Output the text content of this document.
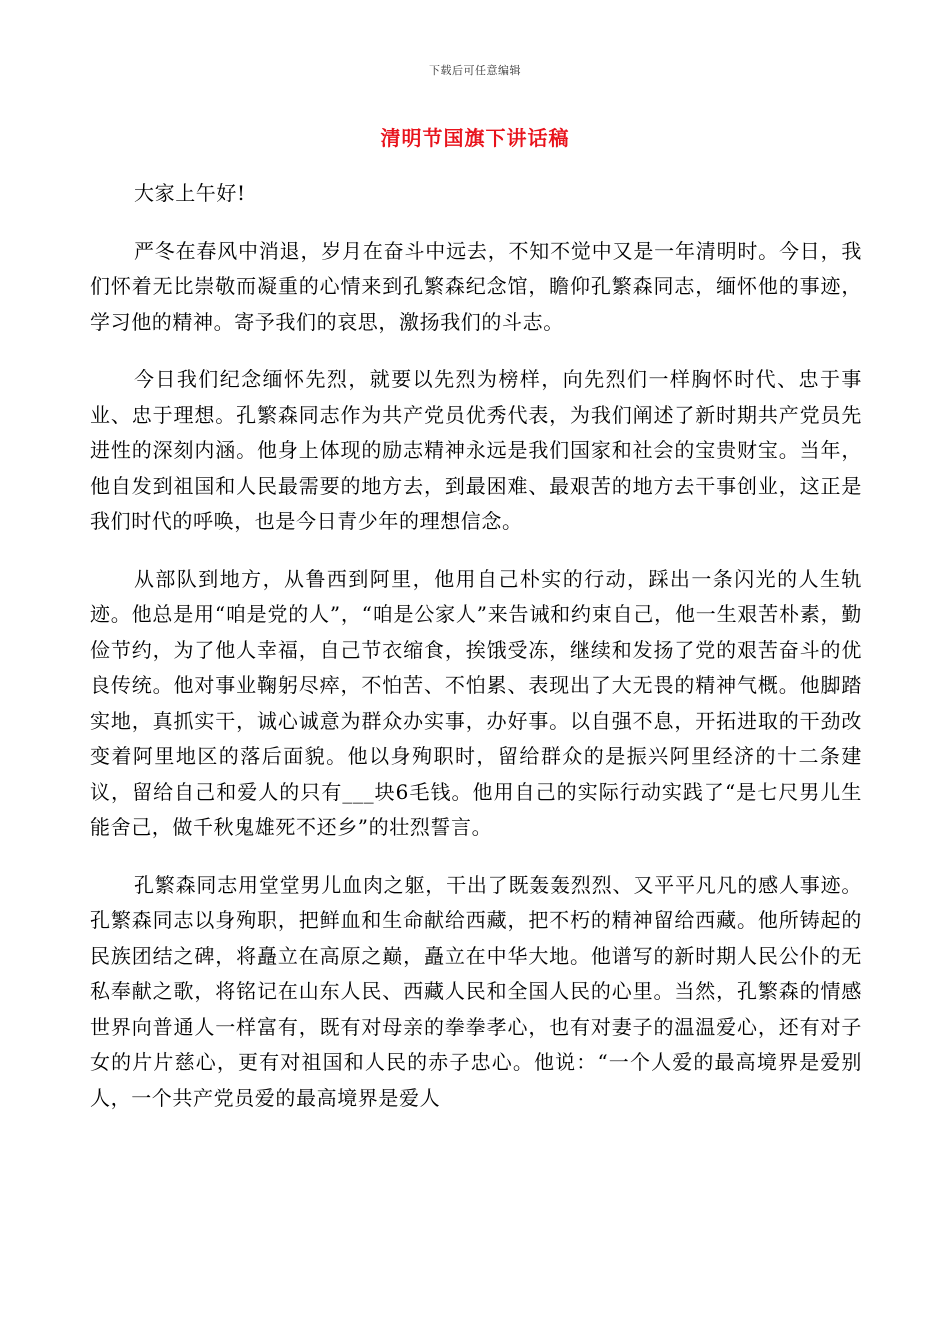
下载后可任意编辑
清明节国旗下讲话稿

大家上午好!

严冬在春风中消退，岁月在奋斗中远去，不知不觉中又是一年清明时。今日，我们怀着无比崇敬而凝重的心情来到孔繁森纪念馆，瞻仰孔繁森同志，缅怀他的事迹，学习他的精神。寄予我们的哀思，激扬我们的斗志。

今日我们纪念缅怀先烈，就要以先烈为榜样，向先烈们一样胸怀时代、忠于事业、忠于理想。孔繁森同志作为共产党员优秀代表，为我们阐述了新时期共产党员先进性的深刻内涵。他身上体现的励志精神永远是我们国家和社会的宝贵财宝。当年，他自发到祖国和人民最需要的地方去，到最困难、最艰苦的地方去干事创业，这正是我们时代的呼唤，也是今日青少年的理想信念。

从部队到地方，从鲁西到阿里，他用自己朴实的行动，踩出一条闪光的人生轨迹。他总是用“咱是党的人”，“咱是公家人”来告诫和约束自己，他一生艰苦朴素，勤俭节约，为了他人幸福，自己节衣缩食，挨饿受冻，继续和发扬了党的艰苦奋斗的优良传统。他对事业鞠躬尽瘁，不怕苦、不怕累、表现出了大无畏的精神气概。他脚踏实地，真抓实干，诚心诚意为群众办实事，办好事。以自强不息，开拓进取的干劲改变着阿里地区的落后面貌。他以身殉职时，留给群众的是振兴阿里经济的十二条建议，留给自己和爱人的只有___块6毛钱。他用自己的实际行动实践了“是七尺男儿生能舍己，做千秋鬼雄死不还乡”的壮烈誓言。

孔繁森同志用堂堂男儿血肉之躯，干出了既轰轰烈烈、又平平凡凡的感人事迹。孔繁森同志以身殉职，把鲜血和生命献给西藏，把不朽的精神留给西藏。他所铸起的民族团结之碑，将矗立在高原之巅，矗立在中华大地。他谱写的新时期人民公仆的无私奉献之歌，将铭记在山东人民、西藏人民和全国人民的心里。当然，孔繁森的情感世界向普通人一样富有，既有对母亲的拳拳孝心，也有对妻子的温温爱心，还有对子女的片片慈心，更有对祖国和人民的赤子忠心。他说：“一个人爱的最高境界是爱别人，一个共产党员爱的最高境界是爱人
